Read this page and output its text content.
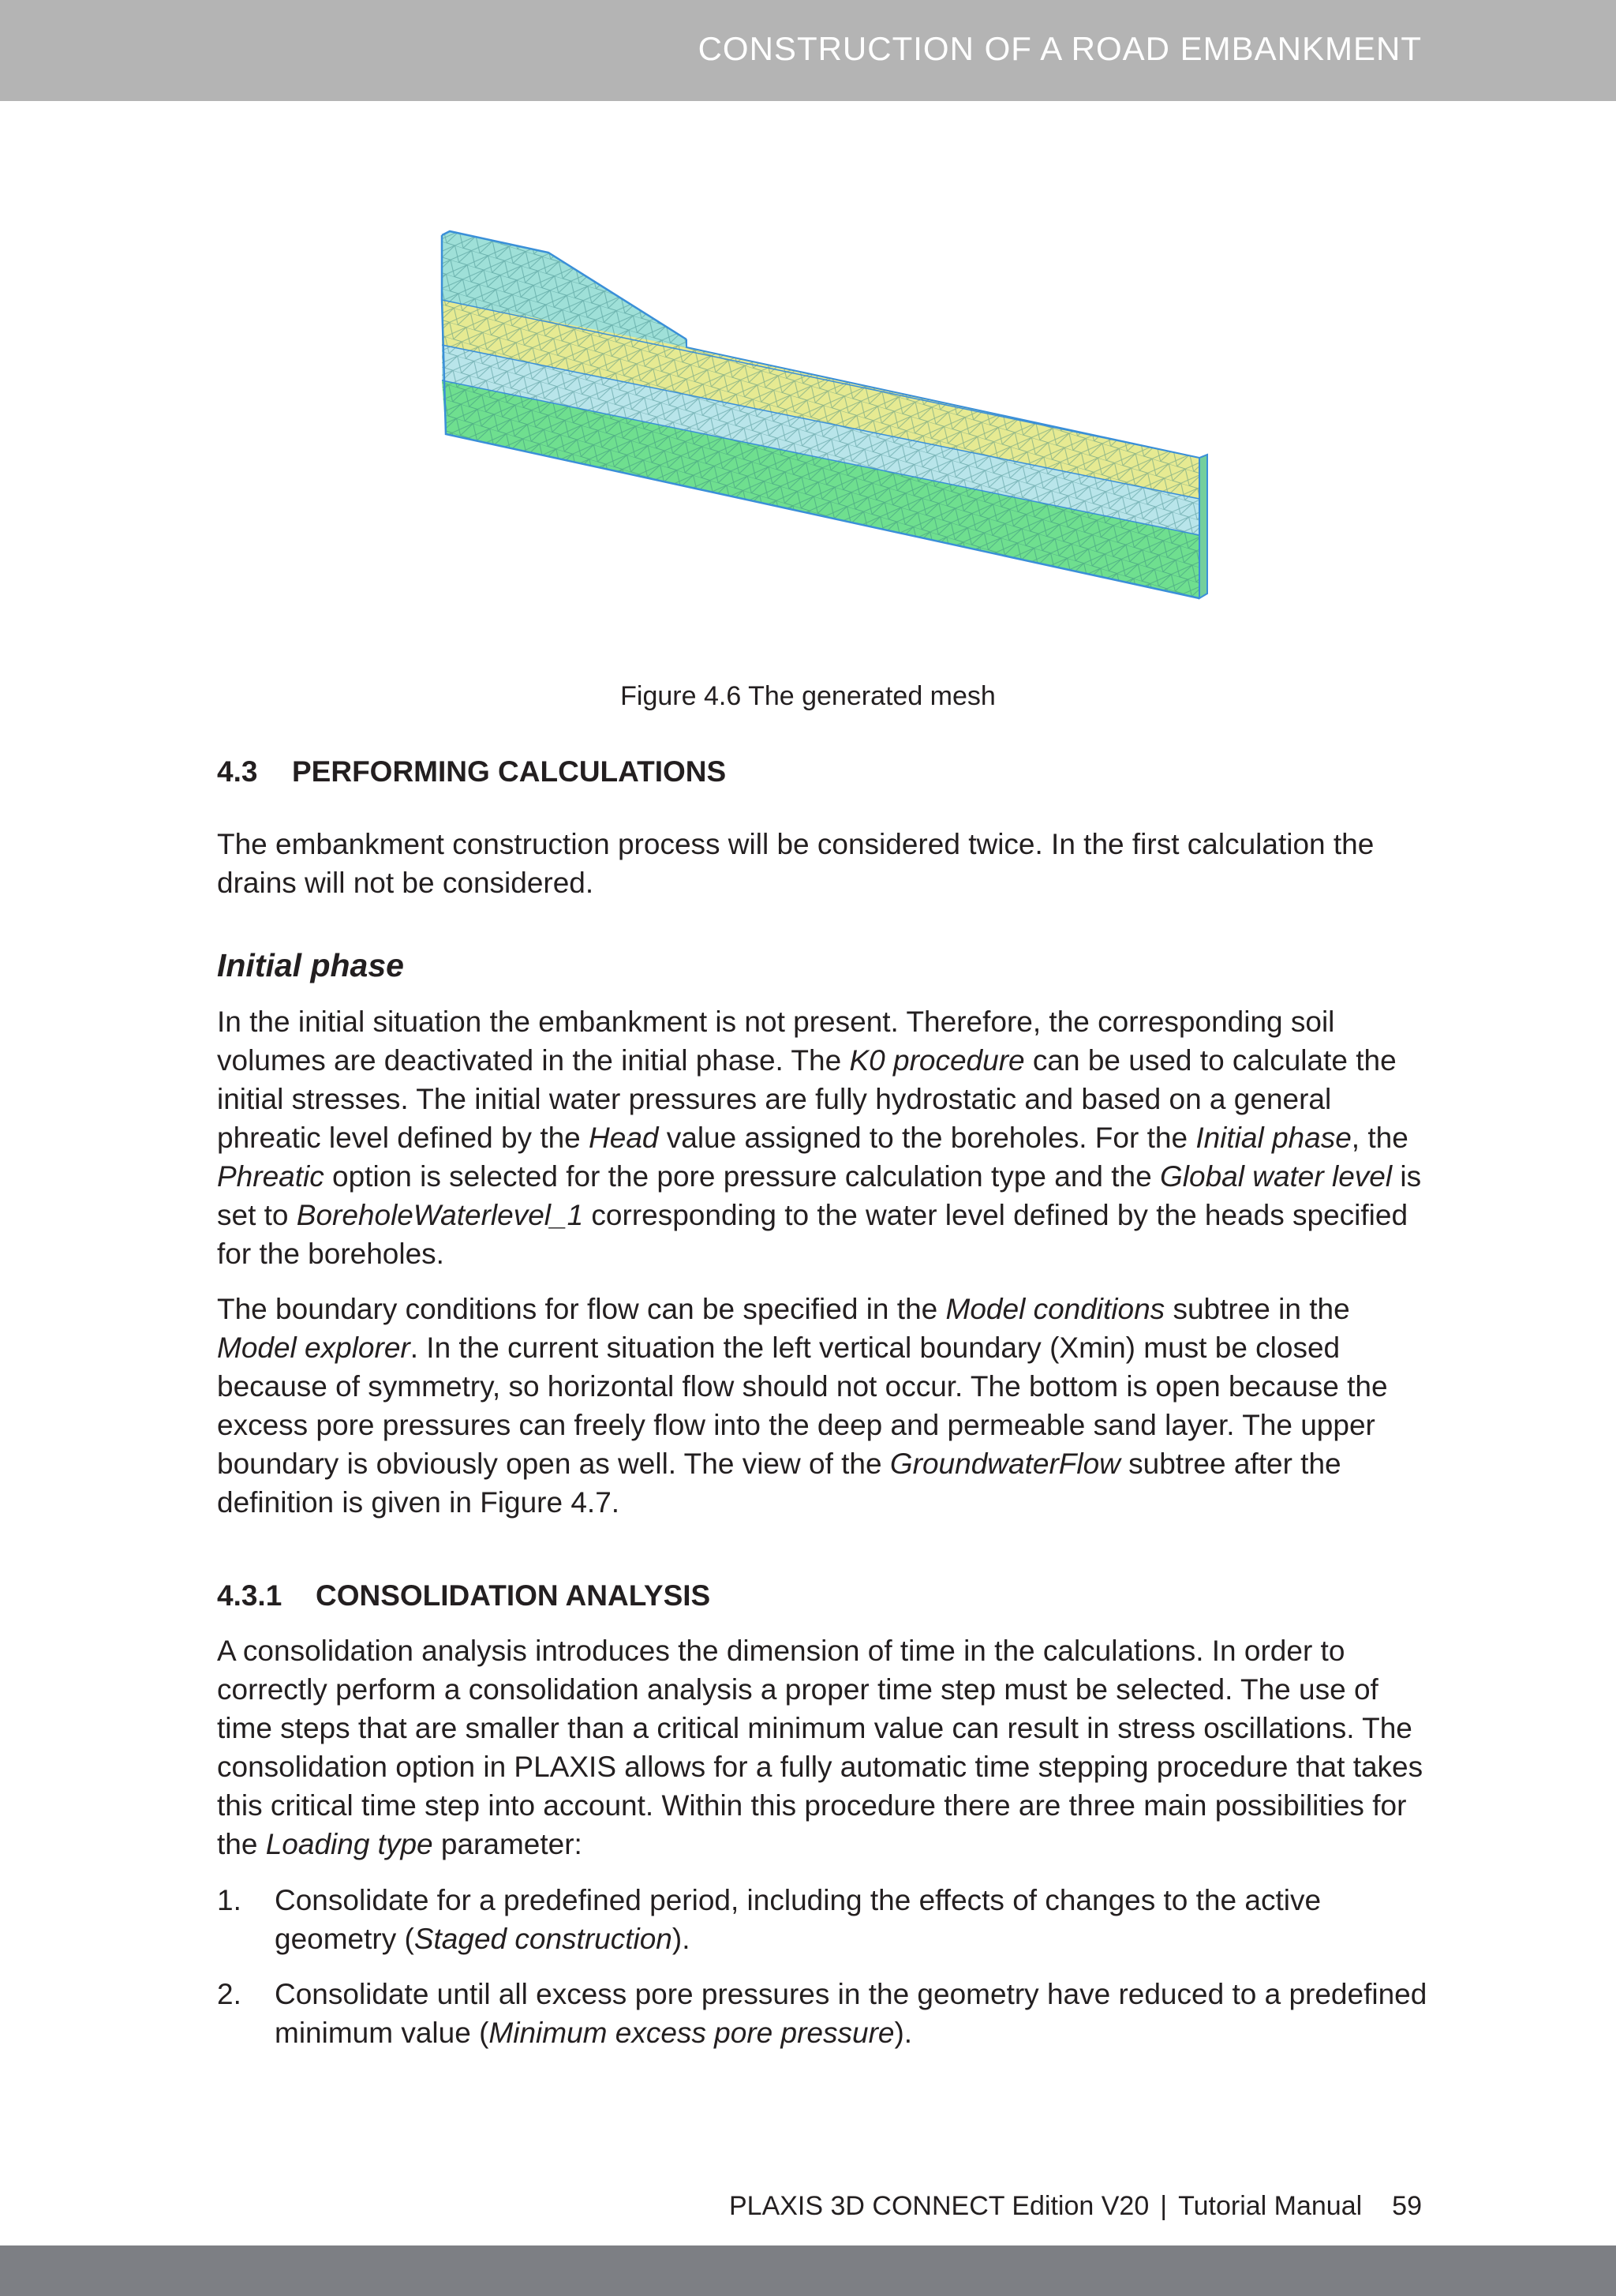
CONSTRUCTION OF A ROAD EMBANKMENT
Figure 4.6 The generated mesh
4.3 PERFORMING CALCULATIONS

The embankment construction process will be considered twice. In the first calculation the drains will not be considered.

Initial phase

In the initial situation the embankment is not present. Therefore, the corresponding soil volumes are deactivated in the initial phase. The K0 procedure can be used to calculate the initial stresses. The initial water pressures are fully hydrostatic and based on a general phreatic level defined by the Head value assigned to the boreholes. For the Initial phase, the Phreatic option is selected for the pore pressure calculation type and the Global water level is set to BoreholeWaterlevel_1 corresponding to the water level defined by the heads specified for the boreholes.

The boundary conditions for flow can be specified in the Model conditions subtree in the Model explorer. In the current situation the left vertical boundary (Xmin) must be closed because of symmetry, so horizontal flow should not occur. The bottom is open because the excess pore pressures can freely flow into the deep and permeable sand layer. The upper boundary is obviously open as well. The view of the GroundwaterFlow subtree after the definition is given in Figure 4.7.

4.3.1 CONSOLIDATION ANALYSIS

A consolidation analysis introduces the dimension of time in the calculations. In order to correctly perform a consolidation analysis a proper time step must be selected. The use of time steps that are smaller than a critical minimum value can result in stress oscillations. The consolidation option in PLAXIS allows for a fully automatic time stepping procedure that takes this critical time step into account. Within this procedure there are three main possibilities for the Loading type parameter:

1. Consolidate for a predefined period, including the effects of changes to the active geometry (Staged construction).
2. Consolidate until all excess pore pressures in the geometry have reduced to a predefined minimum value (Minimum excess pore pressure).
PLAXIS 3D CONNECT Edition V20 | Tutorial Manual 59
